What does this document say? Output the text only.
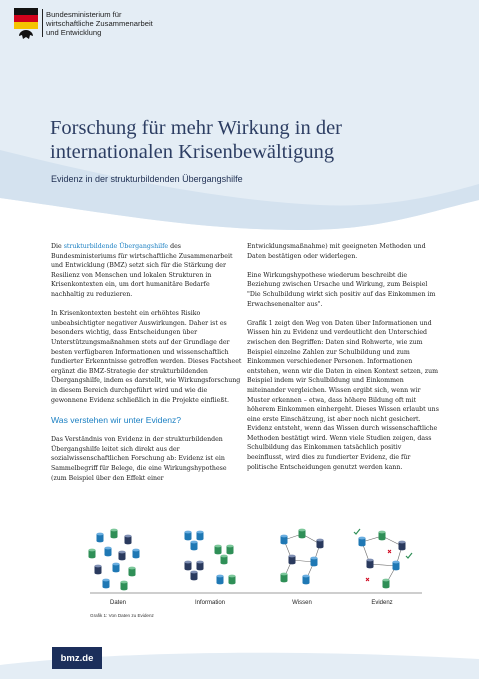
Bundesministerium für
wirtschaftliche Zusammenarbeit
und Entwicklung
Forschung für mehr Wirkung in der
internationalen Krisenbewältigung
Evidenz in der strukturbildenden Übergangshilfe

Die strukturbildende Übergangshilfe des Bundesministeriums für wirtschaftliche Zusammenarbeit und Entwicklung (BMZ) setzt sich für die Stärkung der Resilienz von Menschen und lokalen Strukturen in Krisenkontexten ein, um dort humanitäre Bedarfe nachhaltig zu reduzieren.

In Krisenkontexten besteht ein erhöhtes Risiko unbeabsichtigter negativer Auswirkungen. Daher ist es besonders wichtig, dass Entscheidungen über Unterstützungsmaßnahmen stets auf der Grundlage der besten verfügbaren Informationen und wissenschaftlich fundierter Erkenntnisse getroffen werden. Dieses Factsheet ergänzt die BMZ-Strategie der strukturbildenden Übergangshilfe, indem es darstellt, wie Wirkungsforschung in diesem Bereich durchgeführt wird und wie die gewonnene Evidenz schließlich in die Projekte einfließt.

Was verstehen wir unter Evidenz?

Das Verständnis von Evidenz in der strukturbildenden Übergangshilfe leitet sich direkt aus der sozialwissenschaftlichen Forschung ab: Evidenz ist ein Sammelbegriff für Belege, die eine Wirkungshypothese (zum Beispiel über den Effekt einer

Entwicklungsmaßnahme) mit geeigneten Methoden und Daten bestätigen oder widerlegen.

Eine Wirkungshypothese wiederum beschreibt die Beziehung zwischen Ursache und Wirkung, zum Beispiel "Die Schulbildung wirkt sich positiv auf das Einkommen im Erwachsenenalter aus".

Grafik 1 zeigt den Weg von Daten über Informationen und Wissen hin zu Evidenz und verdeutlicht den Unterschied zwischen den Begriffen: Daten sind Rohwerte, wie zum Beispiel einzelne Zahlen zur Schulbildung und zum Einkommen verschiedener Personen. Informationen entstehen, wenn wir die Daten in einen Kontext setzen, zum Beispiel indem wir Schulbildung und Einkommen miteinander vergleichen. Wissen ergibt sich, wenn wir Muster erkennen – etwa, dass höhere Bildung oft mit höherem Einkommen einhergeht. Dieses Wissen erlaubt uns eine erste Einschätzung, ist aber noch nicht gesichert. Evidenz entsteht, wenn das Wissen durch wissenschaftliche Methoden bestätigt wird. Wenn viele Studien zeigen, dass Schulbildung das Einkommen tatsächlich positiv beeinflusst, wird dies zu fundierter Evidenz, die für politische Entscheidungen genutzt werden kann.

Daten	Information	Wissen	Evidenz
Grafik 1: Von Daten zu Evidenz
bmz.de
